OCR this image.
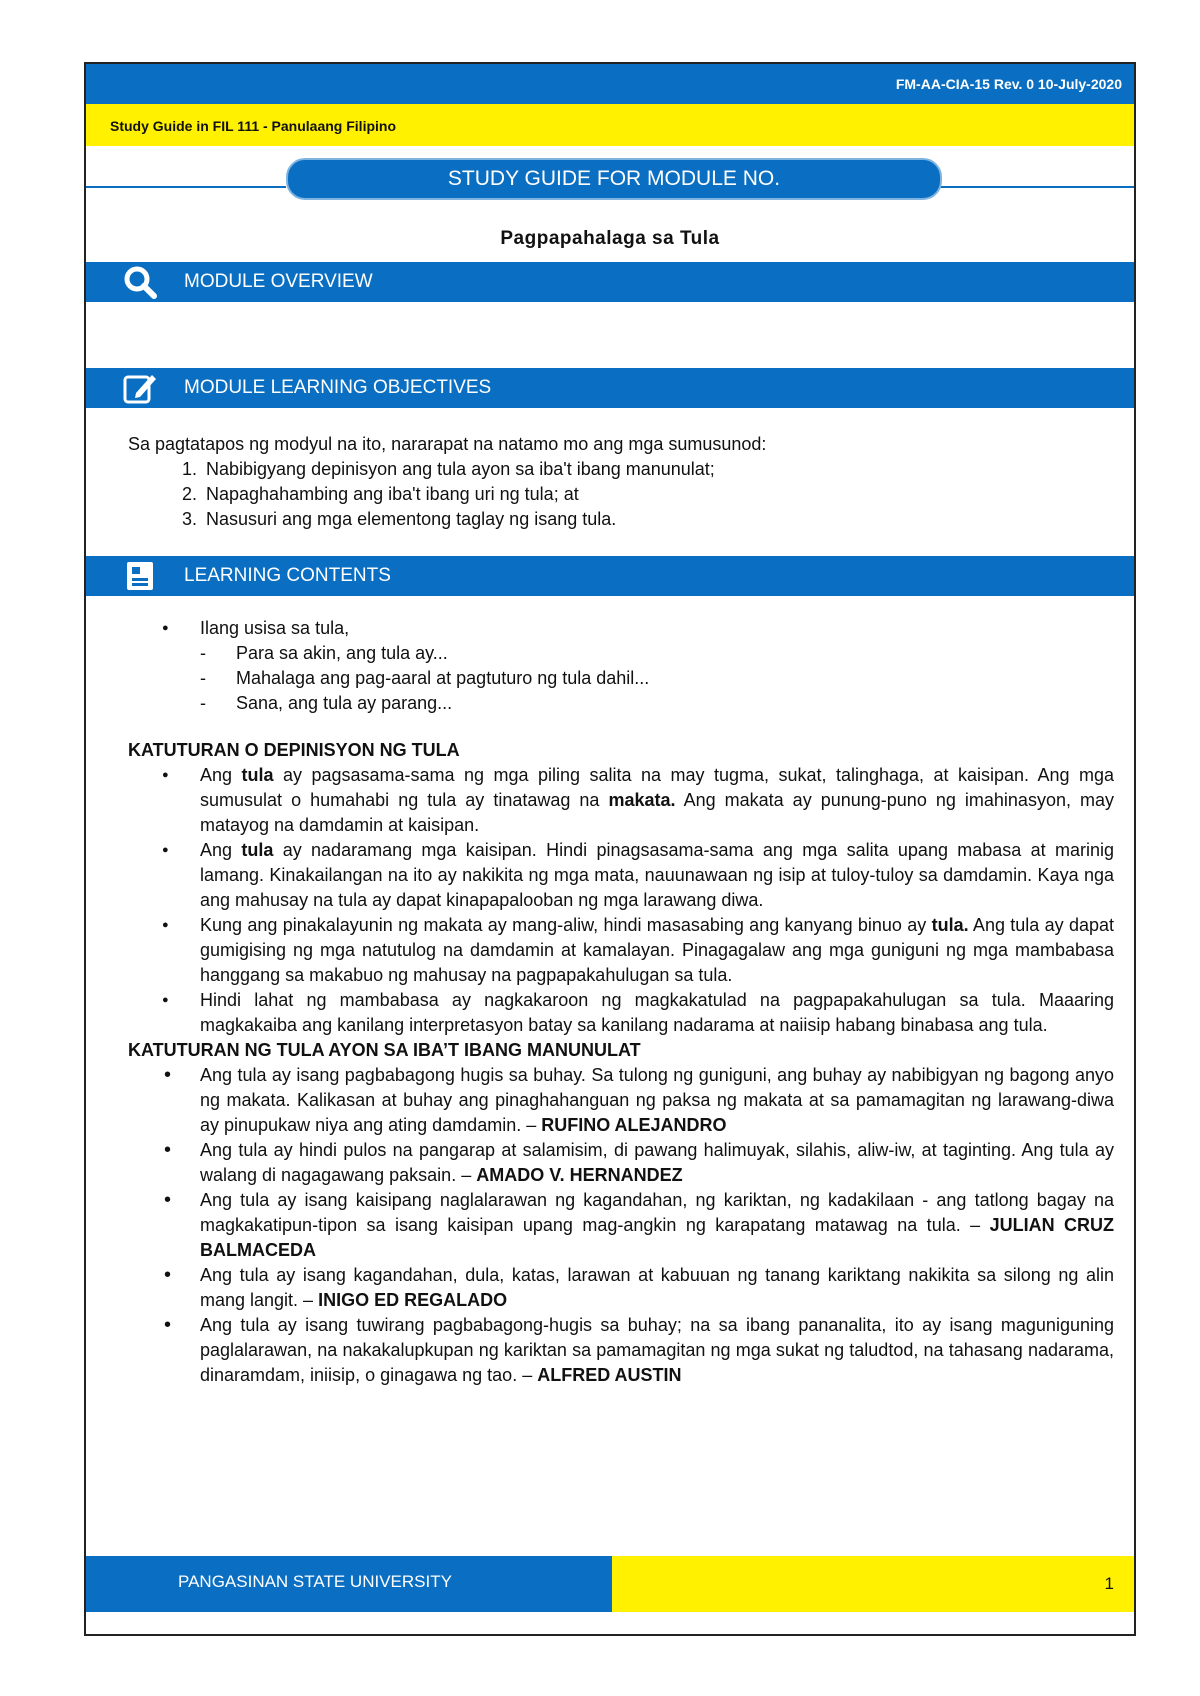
FM-AA-CIA-15 Rev. 0 10-July-2020
Study Guide in FIL 111 - Panulaang Filipino
STUDY GUIDE FOR MODULE NO.
Pagpapahalaga sa Tula
MODULE OVERVIEW
MODULE LEARNING OBJECTIVES

Sa pagtatapos ng modyul na ito, nararapat na natamo mo ang mga sumusunod:

1. Nabibigyang depinisyon ang tula ayon sa iba't ibang manunulat;
2. Napaghahambing ang iba't ibang uri ng tula; at
3. Nasusuri ang mga elementong taglay ng isang tula.
LEARNING CONTENTS
● Ilang usisa sa tula,
- Para sa akin, ang tula ay...
- Mahalaga ang pag-aaral at pagtuturo ng tula dahil...
- Sana, ang tula ay parang...
KATUTURAN O DEPINISYON NG TULA
● Ang tula ay pagsasama-sama ng mga piling salita na may tugma, sukat, talinghaga, at kaisipan. Ang mga sumusulat o humahabi ng tula ay tinatawag na makata. Ang makata ay punung-puno ng imahinasyon, may matayog na damdamin at kaisipan.
● Ang tula ay nadaramang mga kaisipan. Hindi pinagsasama-sama ang mga salita upang mabasa at marinig lamang. Kinakailangan na ito ay nakikita ng mga mata, nauunawaan ng isip at tuloy-tuloy sa damdamin. Kaya nga ang mahusay na tula ay dapat kinapapalooban ng mga larawang diwa.
● Kung ang pinakalayunin ng makata ay mang-aliw, hindi masasabing ang kanyang binuo ay tula. Ang tula ay dapat gumigising ng mga natutulog na damdamin at kamalayan. Pinagagalaw ang mga guniguni ng mga mambabasa hanggang sa makabuo ng mahusay na pagpapakahulugan sa tula.
● Hindi lahat ng mambabasa ay nagkakaroon ng magkakatulad na pagpapakahulugan sa tula. Maaaring magkakaiba ang kanilang interpretasyon batay sa kanilang nadarama at naiisip habang binabasa ang tula.
KATUTURAN NG TULA AYON SA IBA’T IBANG MANUNULAT
• Ang tula ay isang pagbabagong hugis sa buhay. Sa tulong ng guniguni, ang buhay ay nabibigyan ng bagong anyo ng makata. Kalikasan at buhay ang pinaghahanguan ng paksa ng makata at sa pamamagitan ng larawang-diwa ay pinupukaw niya ang ating damdamin. – RUFINO ALEJANDRO
• Ang tula ay hindi pulos na pangarap at salamisim, di pawang halimuyak, silahis, aliw-iw, at taginting. Ang tula ay walang di nagagawang paksain. – AMADO V. HERNANDEZ
• Ang tula ay isang kaisipang naglalarawan ng kagandahan, ng kariktan, ng kadakilaan - ang tatlong bagay na magkakatipun-tipon sa isang kaisipan upang mag-angkin ng karapatang matawag na tula. – JULIAN CRUZ BALMACEDA
• Ang tula ay isang kagandahan, dula, katas, larawan at kabuuan ng tanang kariktang nakikita sa silong ng alin mang langit. – INIGO ED REGALADO
• Ang tula ay isang tuwirang pagbabagong-hugis sa buhay; na sa ibang pananalita, ito ay isang maguniguning paglalarawan, na nakakalupkupan ng kariktan sa pamamagitan ng mga sukat ng taludtod, na tahasang nadarama, dinaramdam, iniisip, o ginagawa ng tao. – ALFRED AUSTIN
PANGASINAN STATE UNIVERSITY	1
